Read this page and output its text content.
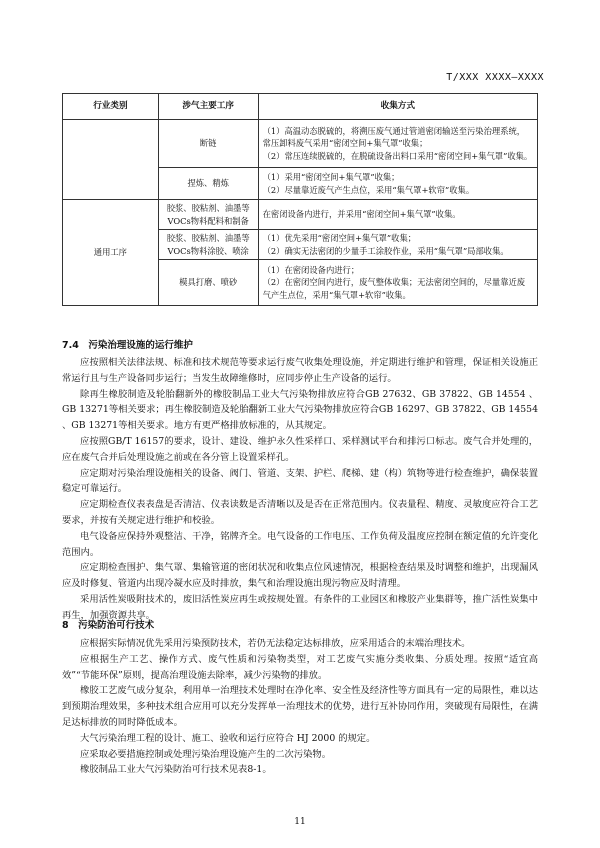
T/XXX XXXX—XXXX
行业类别	涉气主要工序	收集方式
	断链	（1）高温动态脱硫的，将溯压废气通过管道密闭输送至污染治理系统，常压卸料废气采用“密闭空间+集气罩”收集；
（2）常压连续脱硫的，在脱硫设备出料口采用“密闭空间+集气罩”收集。

	捏炼、精炼	（1）采用“密闭空间+集气罩”收集；
（2）尽量靠近废气产生点位，采用“集气罩+软帘”收集。

通用工序	胶浆、胶粘剂、油墨等VOCs物料配料和制备	在密闭设备内进行，并采用“密闭空间+集气罩”收集。

	胶浆、胶粘剂、油墨等VOCs物料涂胶、喷涂	（1）优先采用“密闭空间+集气罩”收集；
（2）确实无法密闭的少量手工涂胶作业，采用“集气罩”局部收集。

	模具打磨、喷砂	（1）在密闭设备内进行；
（2）在密闭空间内进行，废气整体收集；无法密闭空间的，尽量靠近废气产生点位，采用“集气罩+软帘”收集。
7.4　污染治理设施的运行维护
应按照相关法律法规、标准和技术规范等要求运行废气收集处理设施，并定期进行维护和管理，保证相关设施正常运行且与生产设备同步运行；当发生故障维修时，应同步停止生产设备的运行。
除再生橡胶制造及轮胎翻新外的橡胶制品工业大气污染物排放应符合GB 27632、GB 37822、GB 14554 、GB 13271等相关要求；再生橡胶制造及轮胎翻新工业大气污染物排放应符合GB 16297、GB 37822、GB 14554 、GB 13271等相关要求。地方有更严格排放标准的，从其规定。
应按照GB/T 16157的要求，设计、建设、维护永久性采样口、采样测试平台和排污口标志。废气合并处理的，应在废气合并后处理设施之前或在各分管上设置采样孔。
应定期对污染治理设施相关的设备、阀门、管道、支架、护栏、爬梯、建（构）筑物等进行检查维护，确保装置稳定可靠运行。
应定期检查仪表表盘是否清洁、仪表读数是否清晰以及是否在正常范围内。仪表量程、精度、灵敏度应符合工艺要求，并按有关规定进行维护和校验。
电气设备应保持外观整洁、干净，铭牌齐全。电气设备的工作电压、工作负荷及温度应控制在额定值的允许变化范围内。
应定期检查围护、集气罩、集输管道的密闭状况和收集点位风速情况，根据检查结果及时调整和维护，出现漏风应及时修复、管道内出现冷凝水应及时排放，集气和治理设施出现污物应及时清理。
采用活性炭吸附技术的，废旧活性炭应再生或按规处置。有条件的工业园区和橡胶产业集群等，推广活性炭集中再生，加强资源共享。
8　污染防治可行技术
应根据实际情况优先采用污染预防技术，若仍无法稳定达标排放，应采用适合的末端治理技术。
应根据生产工艺、操作方式、废气性质和污染物类型，对工艺废气实施分类收集、分质处理。按照“适宜高效”“节能环保”原则，提高治理设施去除率，减少污染物的排放。
橡胶工艺废气成分复杂，利用单一治理技术处理时在净化率、安全性及经济性等方面具有一定的局限性，难以达到预期治理效果，多种技术组合应用可以充分发挥单一治理技术的优势，进行互补协同作用，突破现有局限性，在满足达标排放的同时降低成本。
大气污染治理工程的设计、施工、验收和运行应符合 HJ 2000 的规定。
应采取必要措施控制或处理污染治理设施产生的二次污染物。
橡胶制品工业大气污染防治可行技术见表8-1。
11
